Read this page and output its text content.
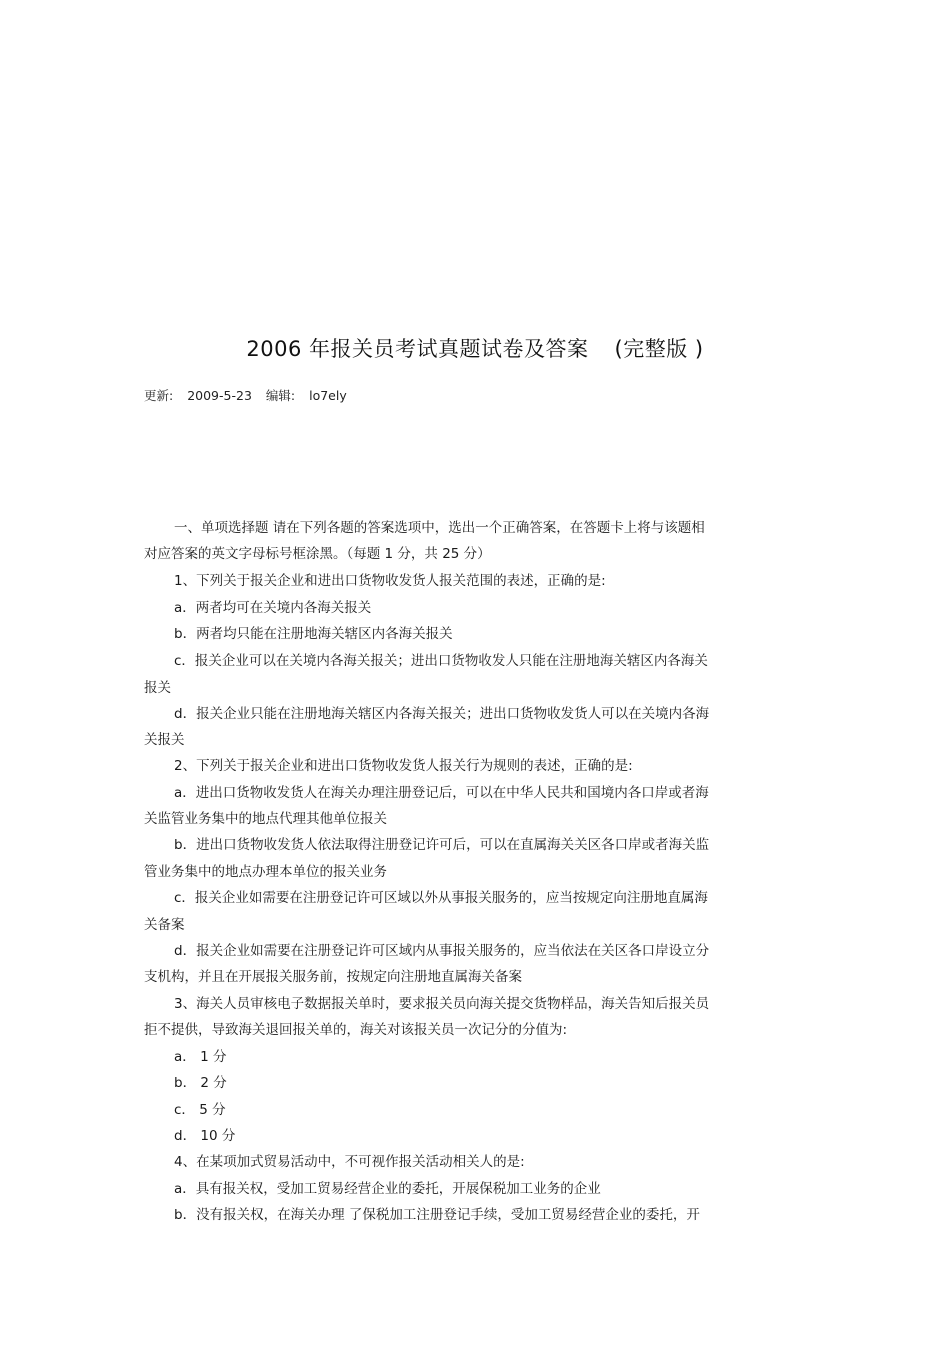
2006 年报关员考试真题试卷及答案 (完整版 )
更新: 2009-5-23 编辑: lo7ely
一、单项选择题 请在下列各题的答案选项中，选出一个正确答案，在答题卡上将与该题相
对应答案的英文字母标号框涂黑。（每题 1 分，共 25 分）
1、下列关于报关企业和进出口货物收发货人报关范围的表述，正确的是:
a．两者均可在关境内各海关报关
b．两者均只能在注册地海关辖区内各海关报关
c．报关企业可以在关境内各海关报关；进出口货物收发人只能在注册地海关辖区内各海关
报关
d．报关企业只能在注册地海关辖区内各海关报关；进出口货物收发货人可以在关境内各海
关报关
2、下列关于报关企业和进出口货物收发货人报关行为规则的表述，正确的是:
a．进出口货物收发货人在海关办理注册登记后，可以在中华人民共和国境内各口岸或者海
关监管业务集中的地点代理其他单位报关
b．进出口货物收发货人依法取得注册登记许可后，可以在直属海关关区各口岸或者海关监
管业务集中的地点办理本单位的报关业务
c．报关企业如需要在注册登记许可区域以外从事报关服务的，应当按规定向注册地直属海
关备案
d．报关企业如需要在注册登记许可区域内从事报关服务的，应当依法在关区各口岸设立分
支机构，并且在开展报关服务前，按规定向注册地直属海关备案
3、海关人员审核电子数据报关单时，要求报关员向海关提交货物样品，海关告知后报关员
拒不提供，导致海关退回报关单的，海关对该报关员一次记分的分值为:
a． 1 分
b． 2 分
c． 5 分
d． 10 分
4、在某项加式贸易活动中，不可视作报关活动相关人的是:
a．具有报关权，受加工贸易经营企业的委托，开展保税加工业务的企业
b．没有报关权，在海关办理 了保税加工注册登记手续，受加工贸易经营企业的委托，开
